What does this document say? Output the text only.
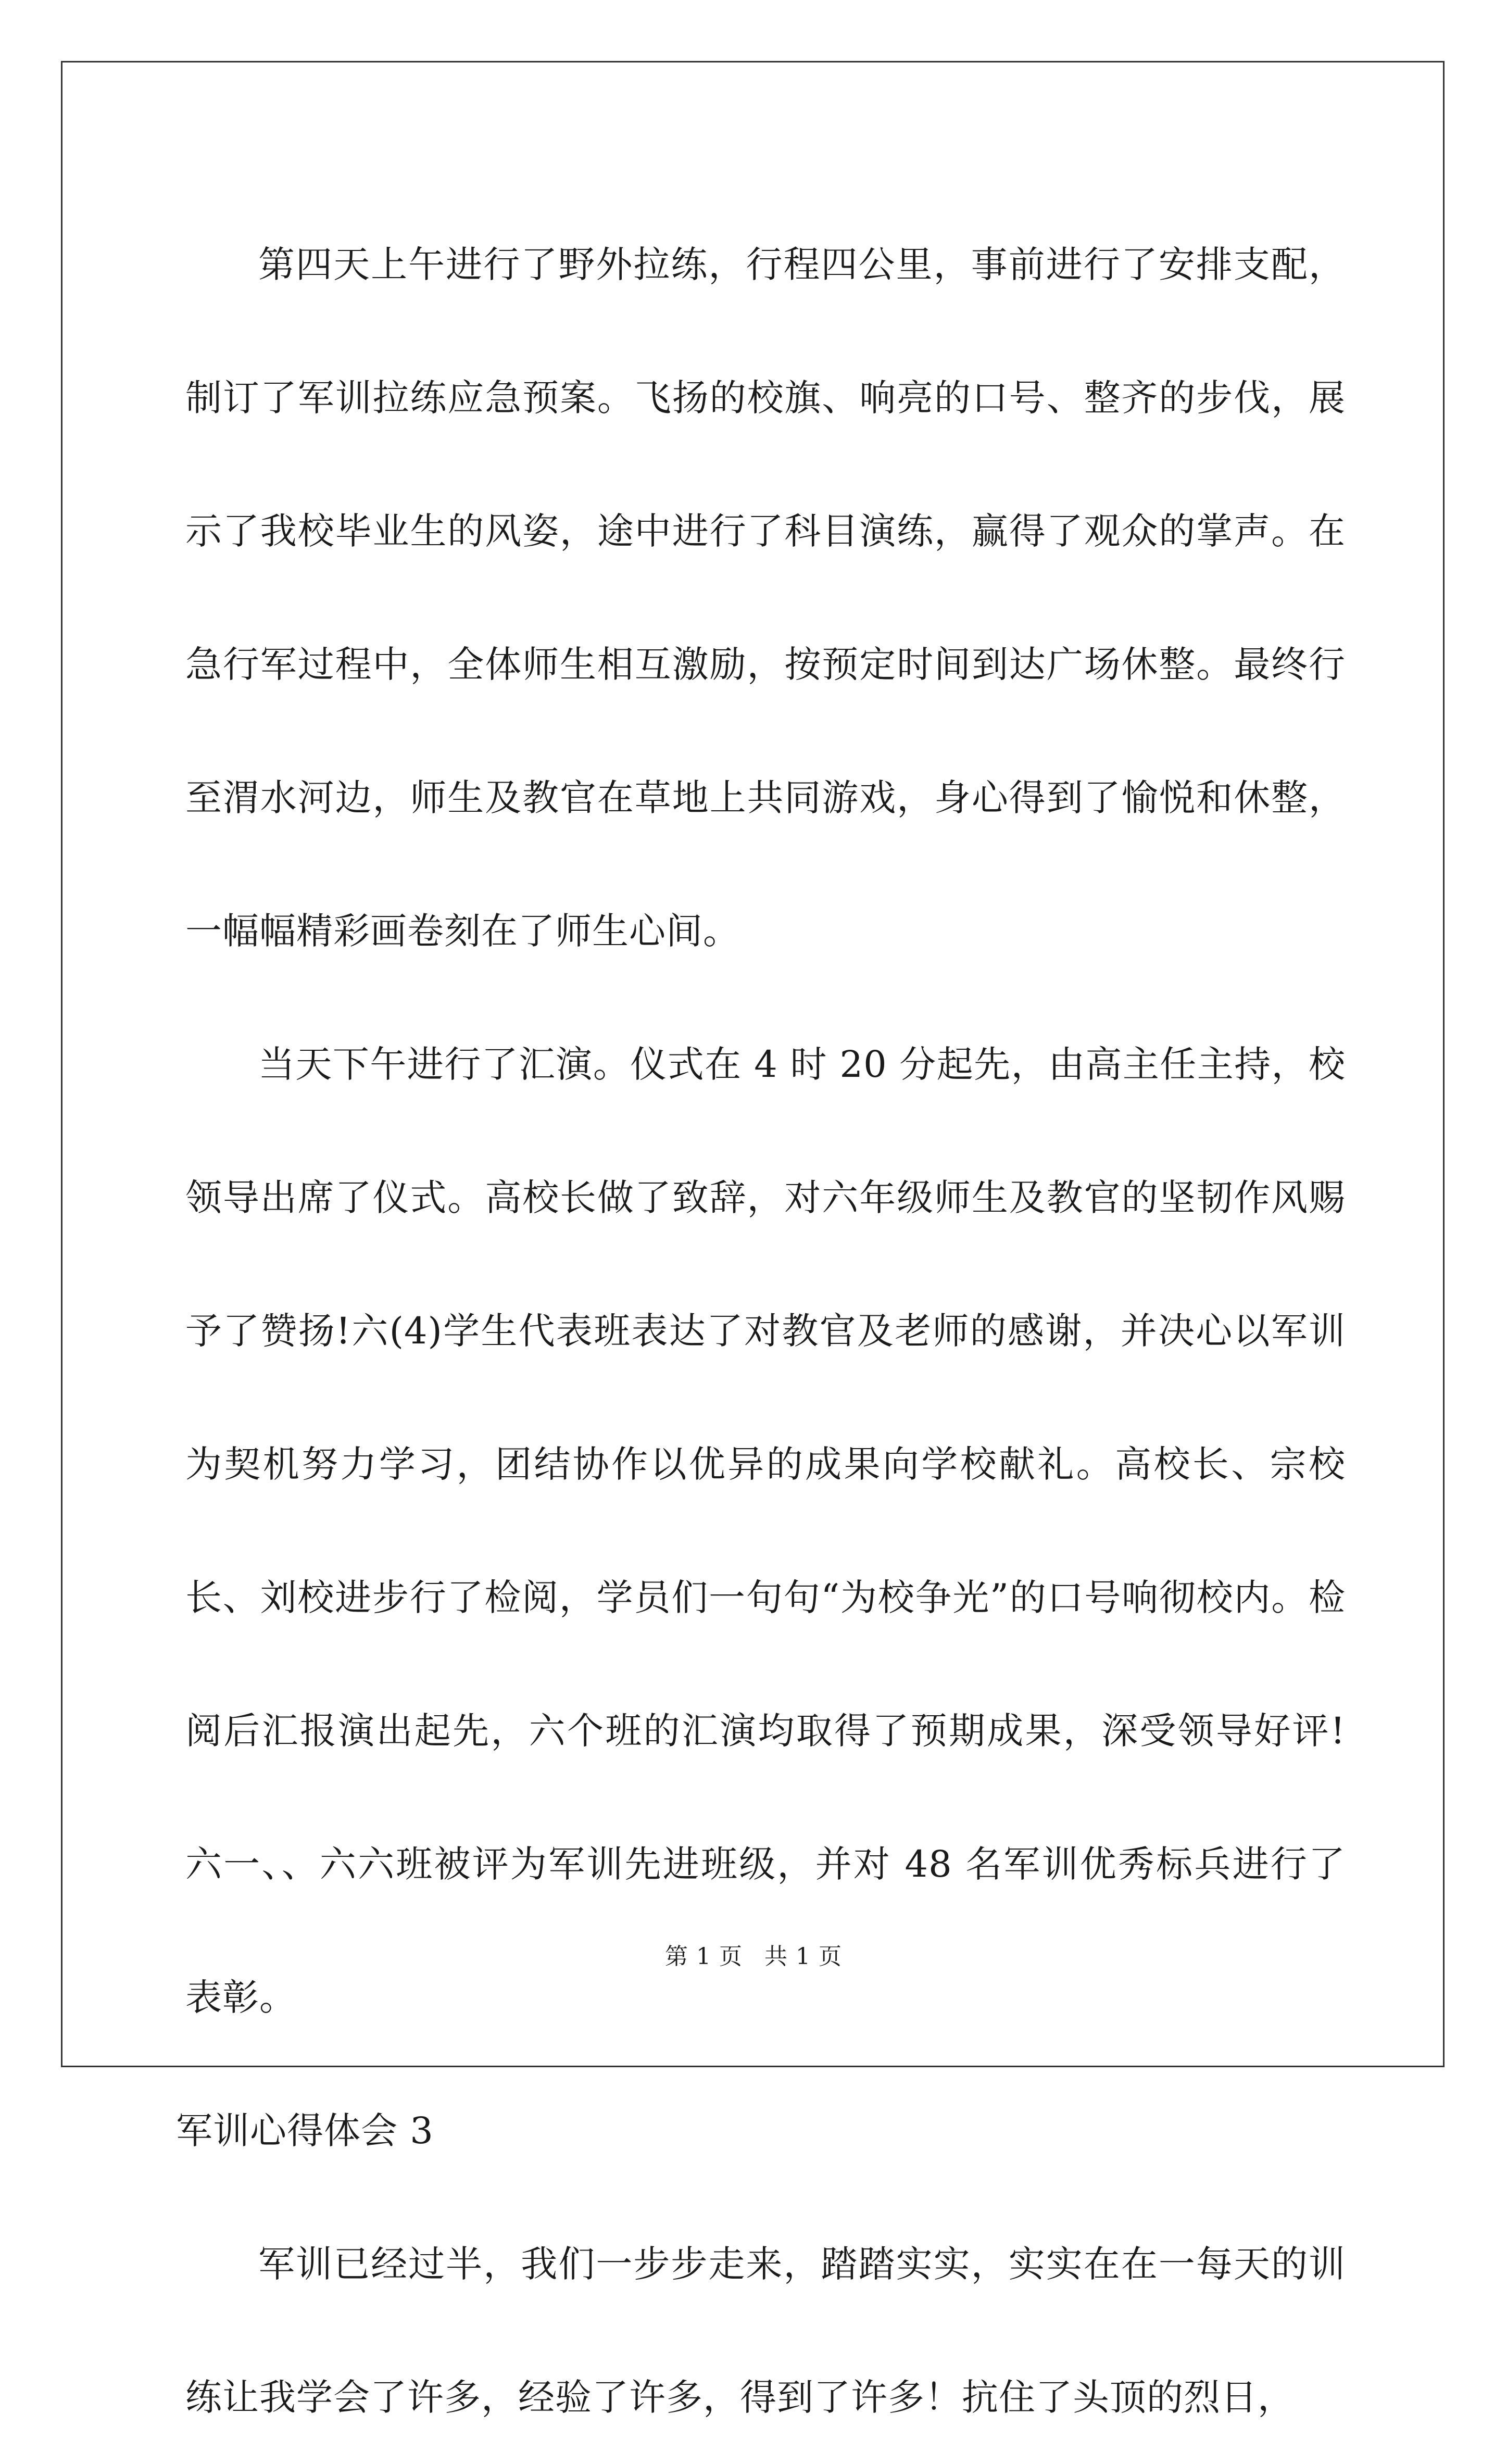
第四天上午进行了野外拉练，行程四公里，事前进行了安排支配，制订了军训拉练应急预案。飞扬的校旗、响亮的口号、整齐的步伐，展示了我校毕业生的风姿，途中进行了科目演练，赢得了观众的掌声。在急行军过程中，全体师生相互激励，按预定时间到达广场休整。最终行至渭水河边，师生及教官在草地上共同游戏，身心得到了愉悦和休整，一幅幅精彩画卷刻在了师生心间。

当天下午进行了汇演。仪式在 4 时 20 分起先，由高主任主持，校领导出席了仪式。高校长做了致辞，对六年级师生及教官的坚韧作风赐予了赞扬!六(4)学生代表班表达了对教官及老师的感谢，并决心以军训为契机努力学习，团结协作以优异的成果向学校献礼。高校长、宗校长、刘校进步行了检阅，学员们一句句“为校争光”的口号响彻校内。检阅后汇报演出起先，六个班的汇演均取得了预期成果，深受领导好评!六一、、六六班被评为军训先进班级，并对 48 名军训优秀标兵进行了表彰。

军训心得体会 3

军训已经过半，我们一步步走来，踏踏实实，实实在在一每天的训练让我学会了许多，经验了许多，得到了许多！抗住了头顶的烈日，

第 1 页 共 1 页
